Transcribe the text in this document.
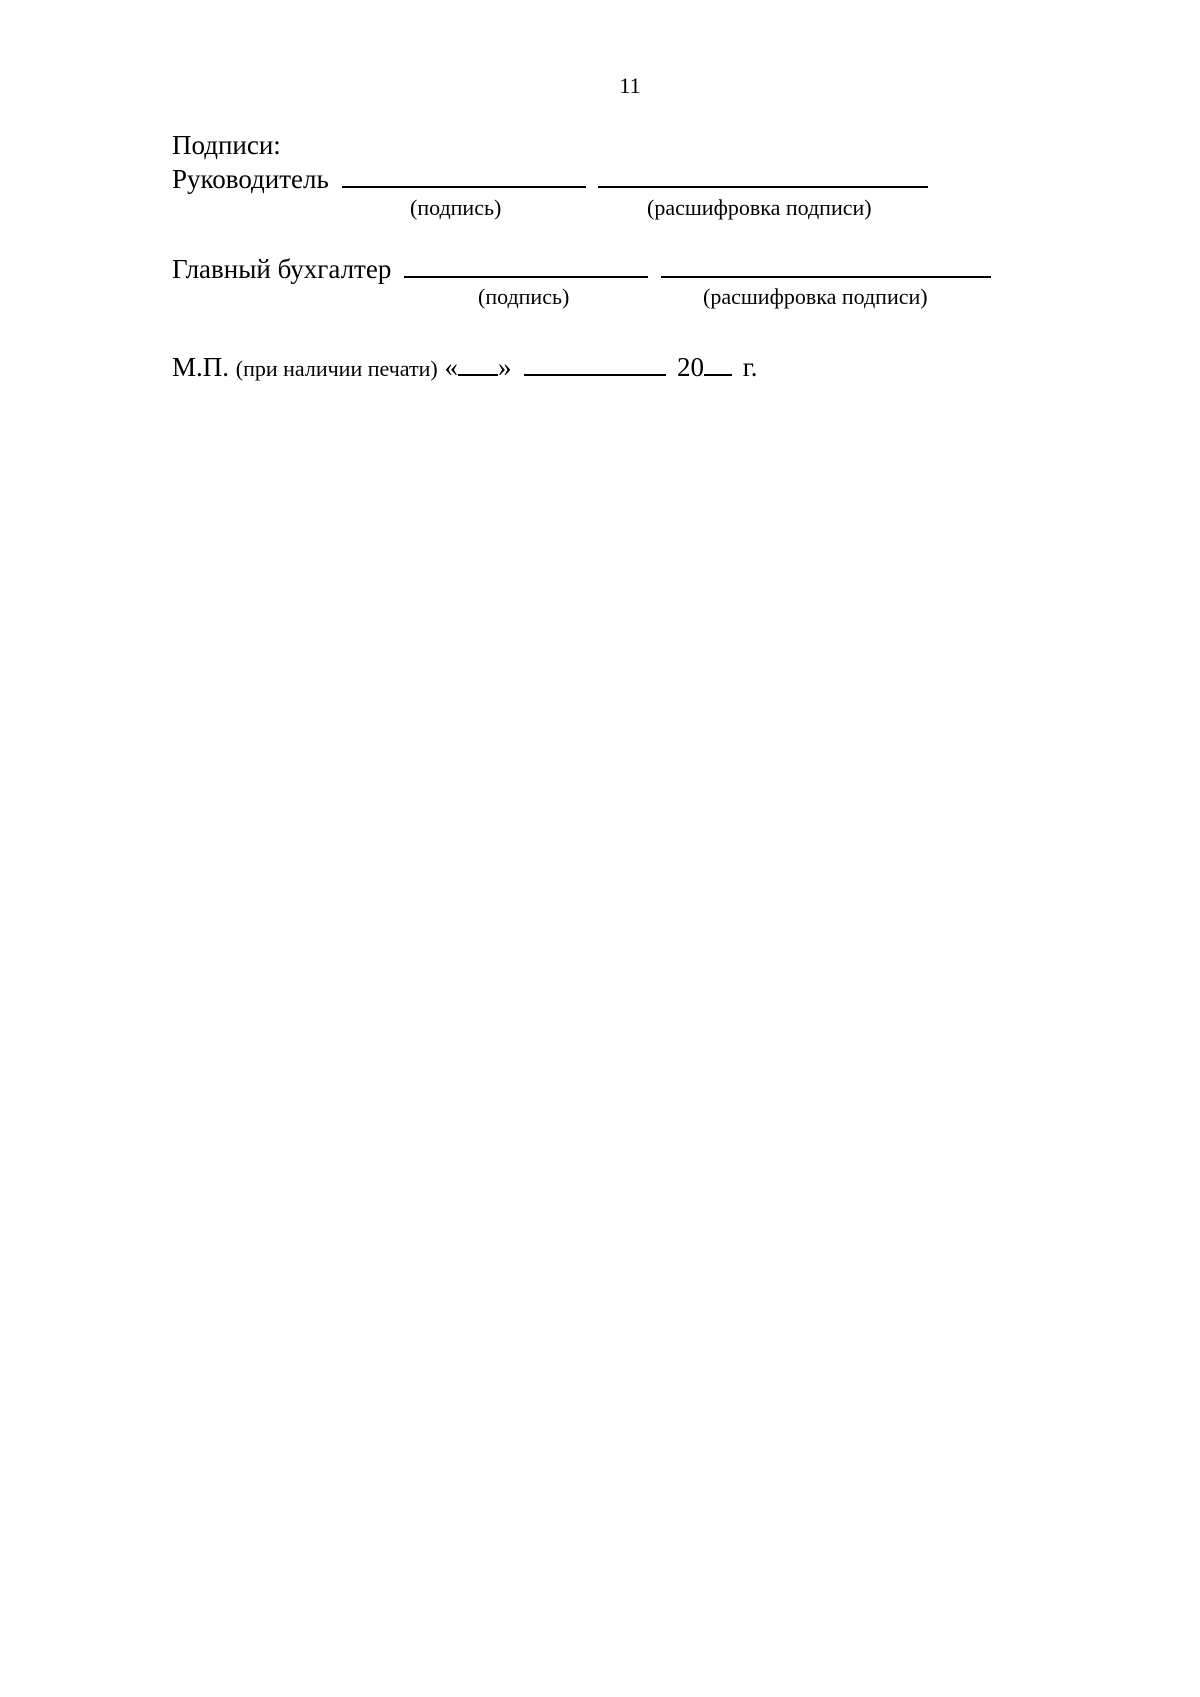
11
Подписи:
Руководитель
(подпись)	(расшифровка подписи)
Главный бухгалтер
(подпись)	(расшифровка подписи)
М.П. (при наличии печати) « »	20 г.
